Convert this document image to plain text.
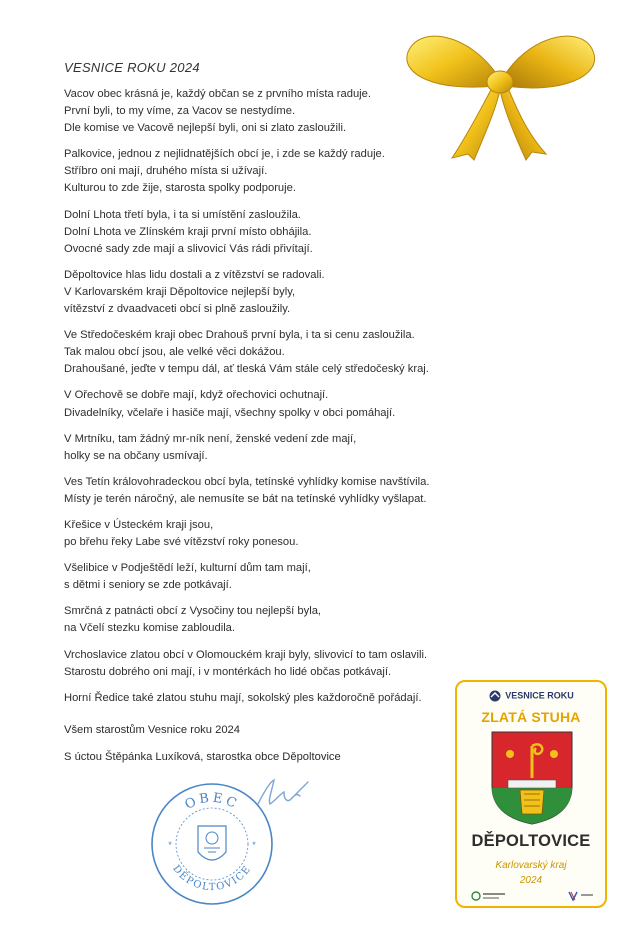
VESNICE ROKU 2024
Vacov obec krásná je, každý občan se z prvního místa raduje.
První byli, to my víme, za Vacov se nestydíme.
Dle komise ve Vacově nejlepší byli, oni si zlato zasloužili.
Palkovice, jednou z nejlidnatějších obcí je, i zde se každý raduje.
Stříbro oni mají, druhého místa si užívají.
Kulturou to zde žije, starosta spolky podporuje.
Dolní Lhota třetí byla, i ta si umístění zasloužila.
Dolní Lhota ve Zlínském kraji první místo obhájila.
Ovocné sady zde mají a slivovicí Vás rádi přivítají.
Děpoltovice hlas lidu dostali a z vítězství se radovali.
V Karlovarském kraji Děpoltovice nejlepší byly,
vítězství z dvaadvaceti obcí si plně zasloužily.
Ve Středočeském kraji obec Drahouš první byla, i ta si cenu zasloužila.
Tak malou obcí jsou, ale velké věci dokážou.
Drahoušané, jeďte v tempu dál, ať tleská Vám stále celý středočeský kraj.
V Ořechově se dobře mají, když ořechovici ochutnají.
Divadelníky, včelaře i hasiče mají, všechny spolky v obci pomáhají.
V Mrtníku, tam žádný mr-ník není, ženské vedení zde mají,
holky se na občany usmívají.
Ves Tetín královohradeckou obcí byla, tetínské vyhlídky komise navštívila.
Místy je terén náročný, ale nemusíte se bát na tetínské vyhlídky vyšlapat.
Křešice v Ústeckém kraji jsou,
po břehu řeky Labe své vítězství roky ponesou.
Všelibice v Podještědí leží, kulturní dům tam mají,
s dětmi i seniory se zde potkávají.
Smrčná z patnácti obcí z Vysočiny tou nejlepší byla,
na Včelí stezku komise zabloudila.
Vrchoslavice zlatou obcí v Olomouckém kraji byly, slivovicí to tam oslavili.
Starostu dobrého oni mají, i v montérkách ho lidé občas potkávají.
Horní Ředice také zlatou stuhu mají, sokolský ples každoročně pořádají.
Všem starostům Vesnice roku 2024
S úctou Štěpánka Luxíková, starostka obce Děpoltovice
OBEC
DĚPOLTOVICE
*	*
VESNICE ROKU
ZLATÁ STUHA
DĚPOLTOVICE
Karlovarský kraj
2024
